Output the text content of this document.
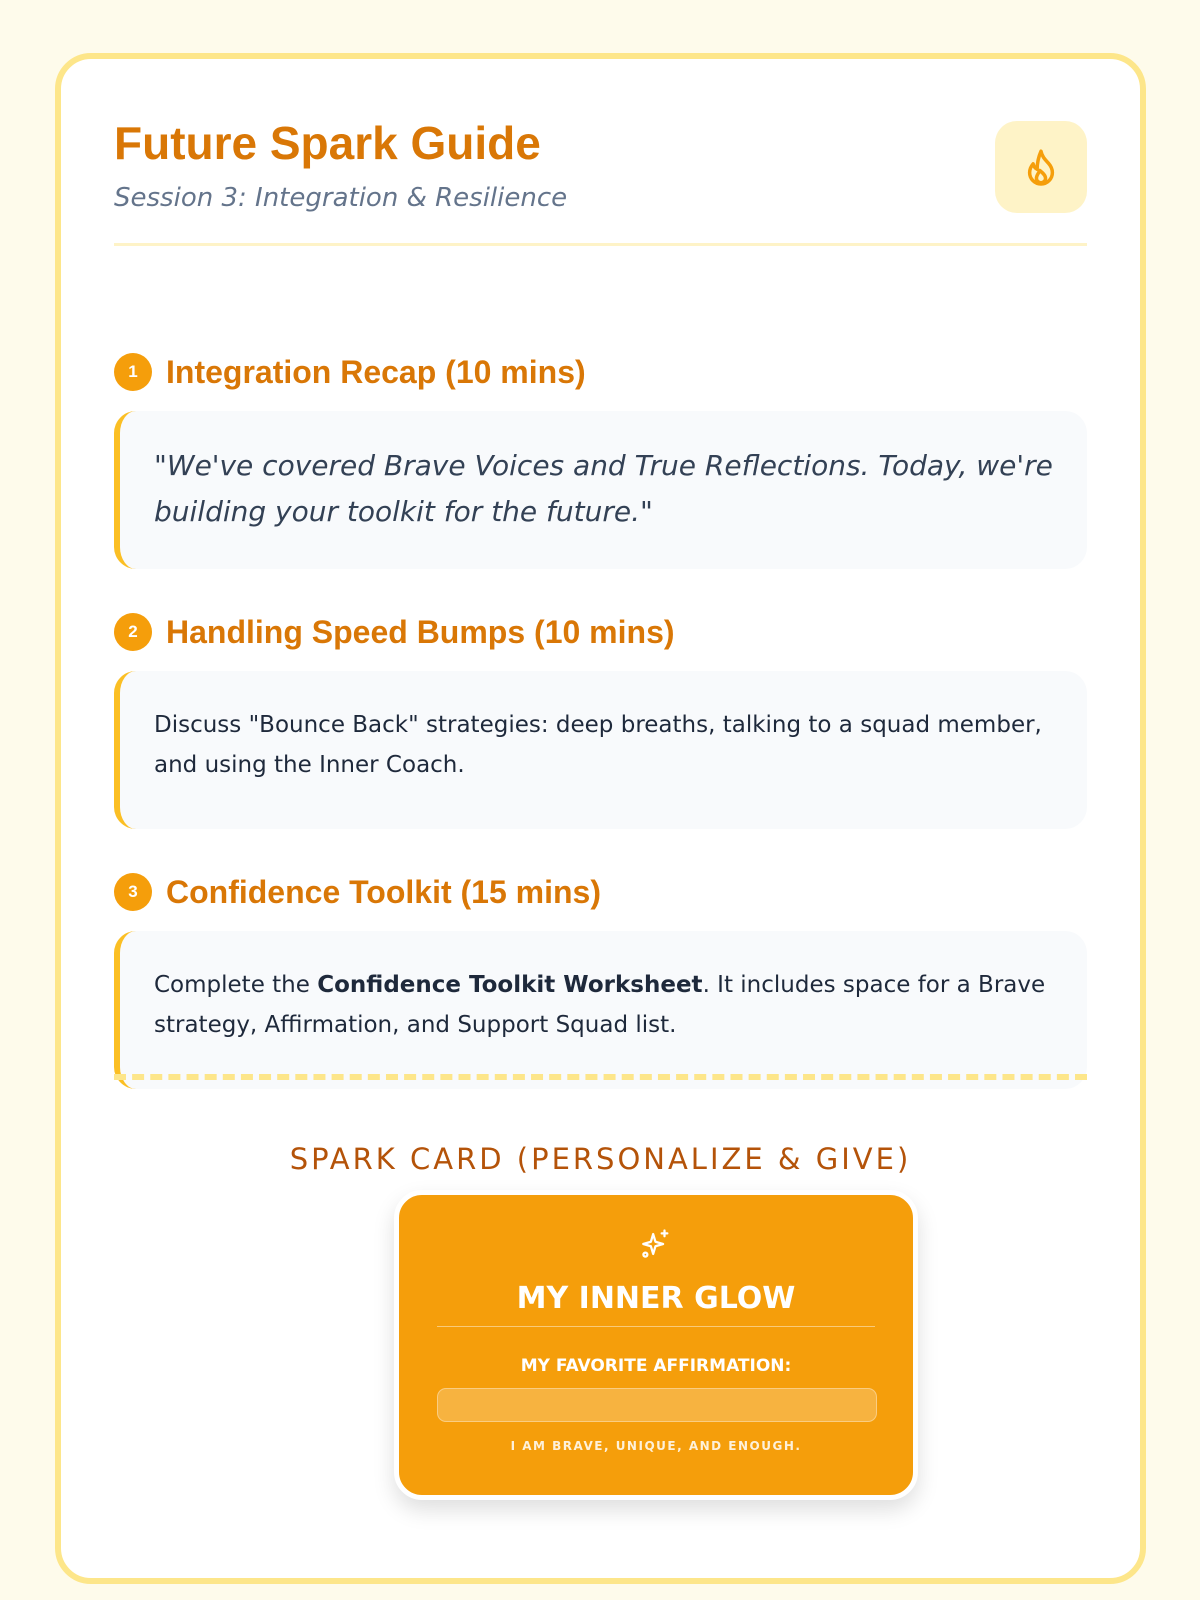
Future Spark Guide
Session 3: Integration & Resilience
1 Integration Recap (10 mins)
"We've covered Brave Voices and True Reflections. Today, we're building your toolkit for the future."
2 Handling Speed Bumps (10 mins)
Discuss "Bounce Back" strategies: deep breaths, talking to a squad member, and using the Inner Coach.
3 Confidence Toolkit (15 mins)
Complete the Confidence Toolkit Worksheet. It includes space for a Brave strategy, Affirmation, and Support Squad list.
SPARK CARD (PERSONALIZE & GIVE)
MY INNER GLOW
MY FAVORITE AFFIRMATION:
I AM BRAVE, UNIQUE, AND ENOUGH.
